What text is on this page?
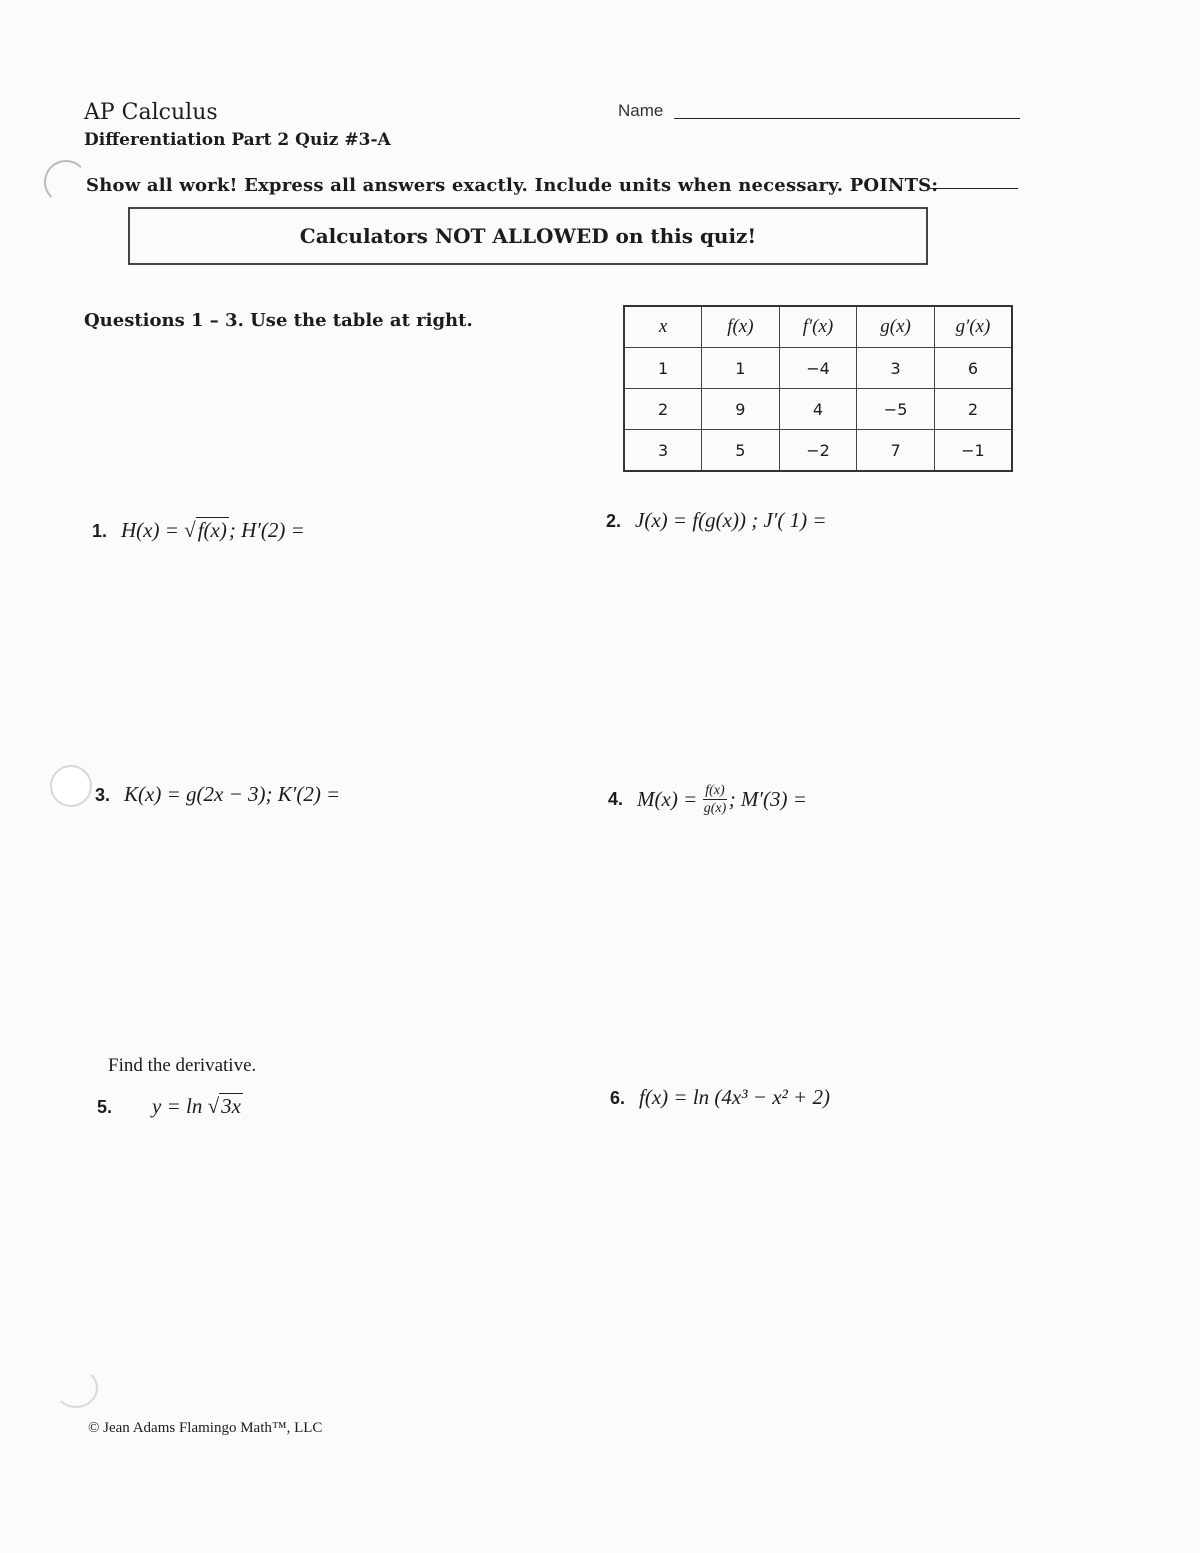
AP Calculus
Differentiation Part 2 Quiz #3-A
Name
Show all work! Express all answers exactly. Include units when necessary. POINTS:
Calculators NOT ALLOWED on this quiz!
Questions 1 – 3. Use the table at right.	x	f(x)	f′(x)	g(x)	g′(x)
1	1	−4	3	6
2	9	4	−5	2
3	5	−2	7	−1
1. H(x) = √f(x); H′(2) =	2. J(x) = f(g(x)) ; J′( 1) =
3. K(x) = g(2x − 3); K′(2) =	4. $M(x) = \frac{f(x)}{g(x)}$ ; M′(3) =
Find the derivative.
5. y = ln √3x	6. f(x) = ln (4x³ − x² + 2)
© Jean Adams Flamingo Math™, LLC
